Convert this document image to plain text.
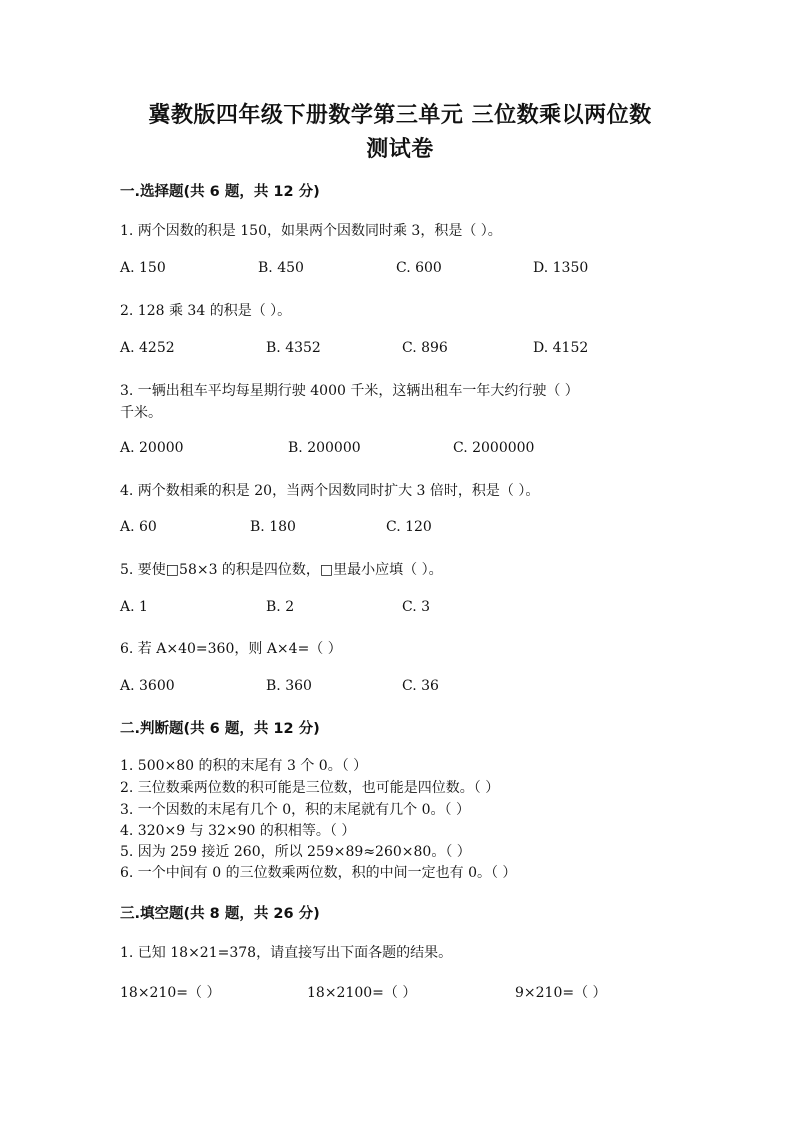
冀教版四年级下册数学第三单元 三位数乘以两位数
测试卷
一.选择题(共 6 题，共 12 分)
1. 两个因数的积是 150，如果两个因数同时乘 3，积是（ ）。
A. 150	B. 450	C. 600	D. 1350
2. 128 乘 34 的积是（ ）。
A. 4252	B. 4352	C. 896	D. 4152
3. 一辆出租车平均每星期行驶 4000 千米，这辆出租车一年大约行驶（ ）
千米。
A. 20000	B. 200000	C. 2000000
4. 两个数相乘的积是 20，当两个因数同时扩大 3 倍时，积是（ ）。
A. 60	B. 180	C. 120
5. 要使□58×3 的积是四位数，□里最小应填（ ）。
A. 1	B. 2	C. 3
6. 若 A×40=360，则 A×4=（ ）
A. 3600	B. 360	C. 36
二.判断题(共 6 题，共 12 分)
1. 500×80 的积的末尾有 3 个 0。（ ）
2. 三位数乘两位数的积可能是三位数，也可能是四位数。（ ）
3. 一个因数的末尾有几个 0，积的末尾就有几个 0。（ ）
4. 320×9 与 32×90 的积相等。（ ）
5. 因为 259 接近 260，所以 259×89≈260×80。（ ）
6. 一个中间有 0 的三位数乘两位数，积的中间一定也有 0。（ ）
三.填空题(共 8 题，共 26 分)
1. 已知 18×21=378，请直接写出下面各题的结果。
18×210=（ ）	18×2100=（ ）	9×210=（ ）
